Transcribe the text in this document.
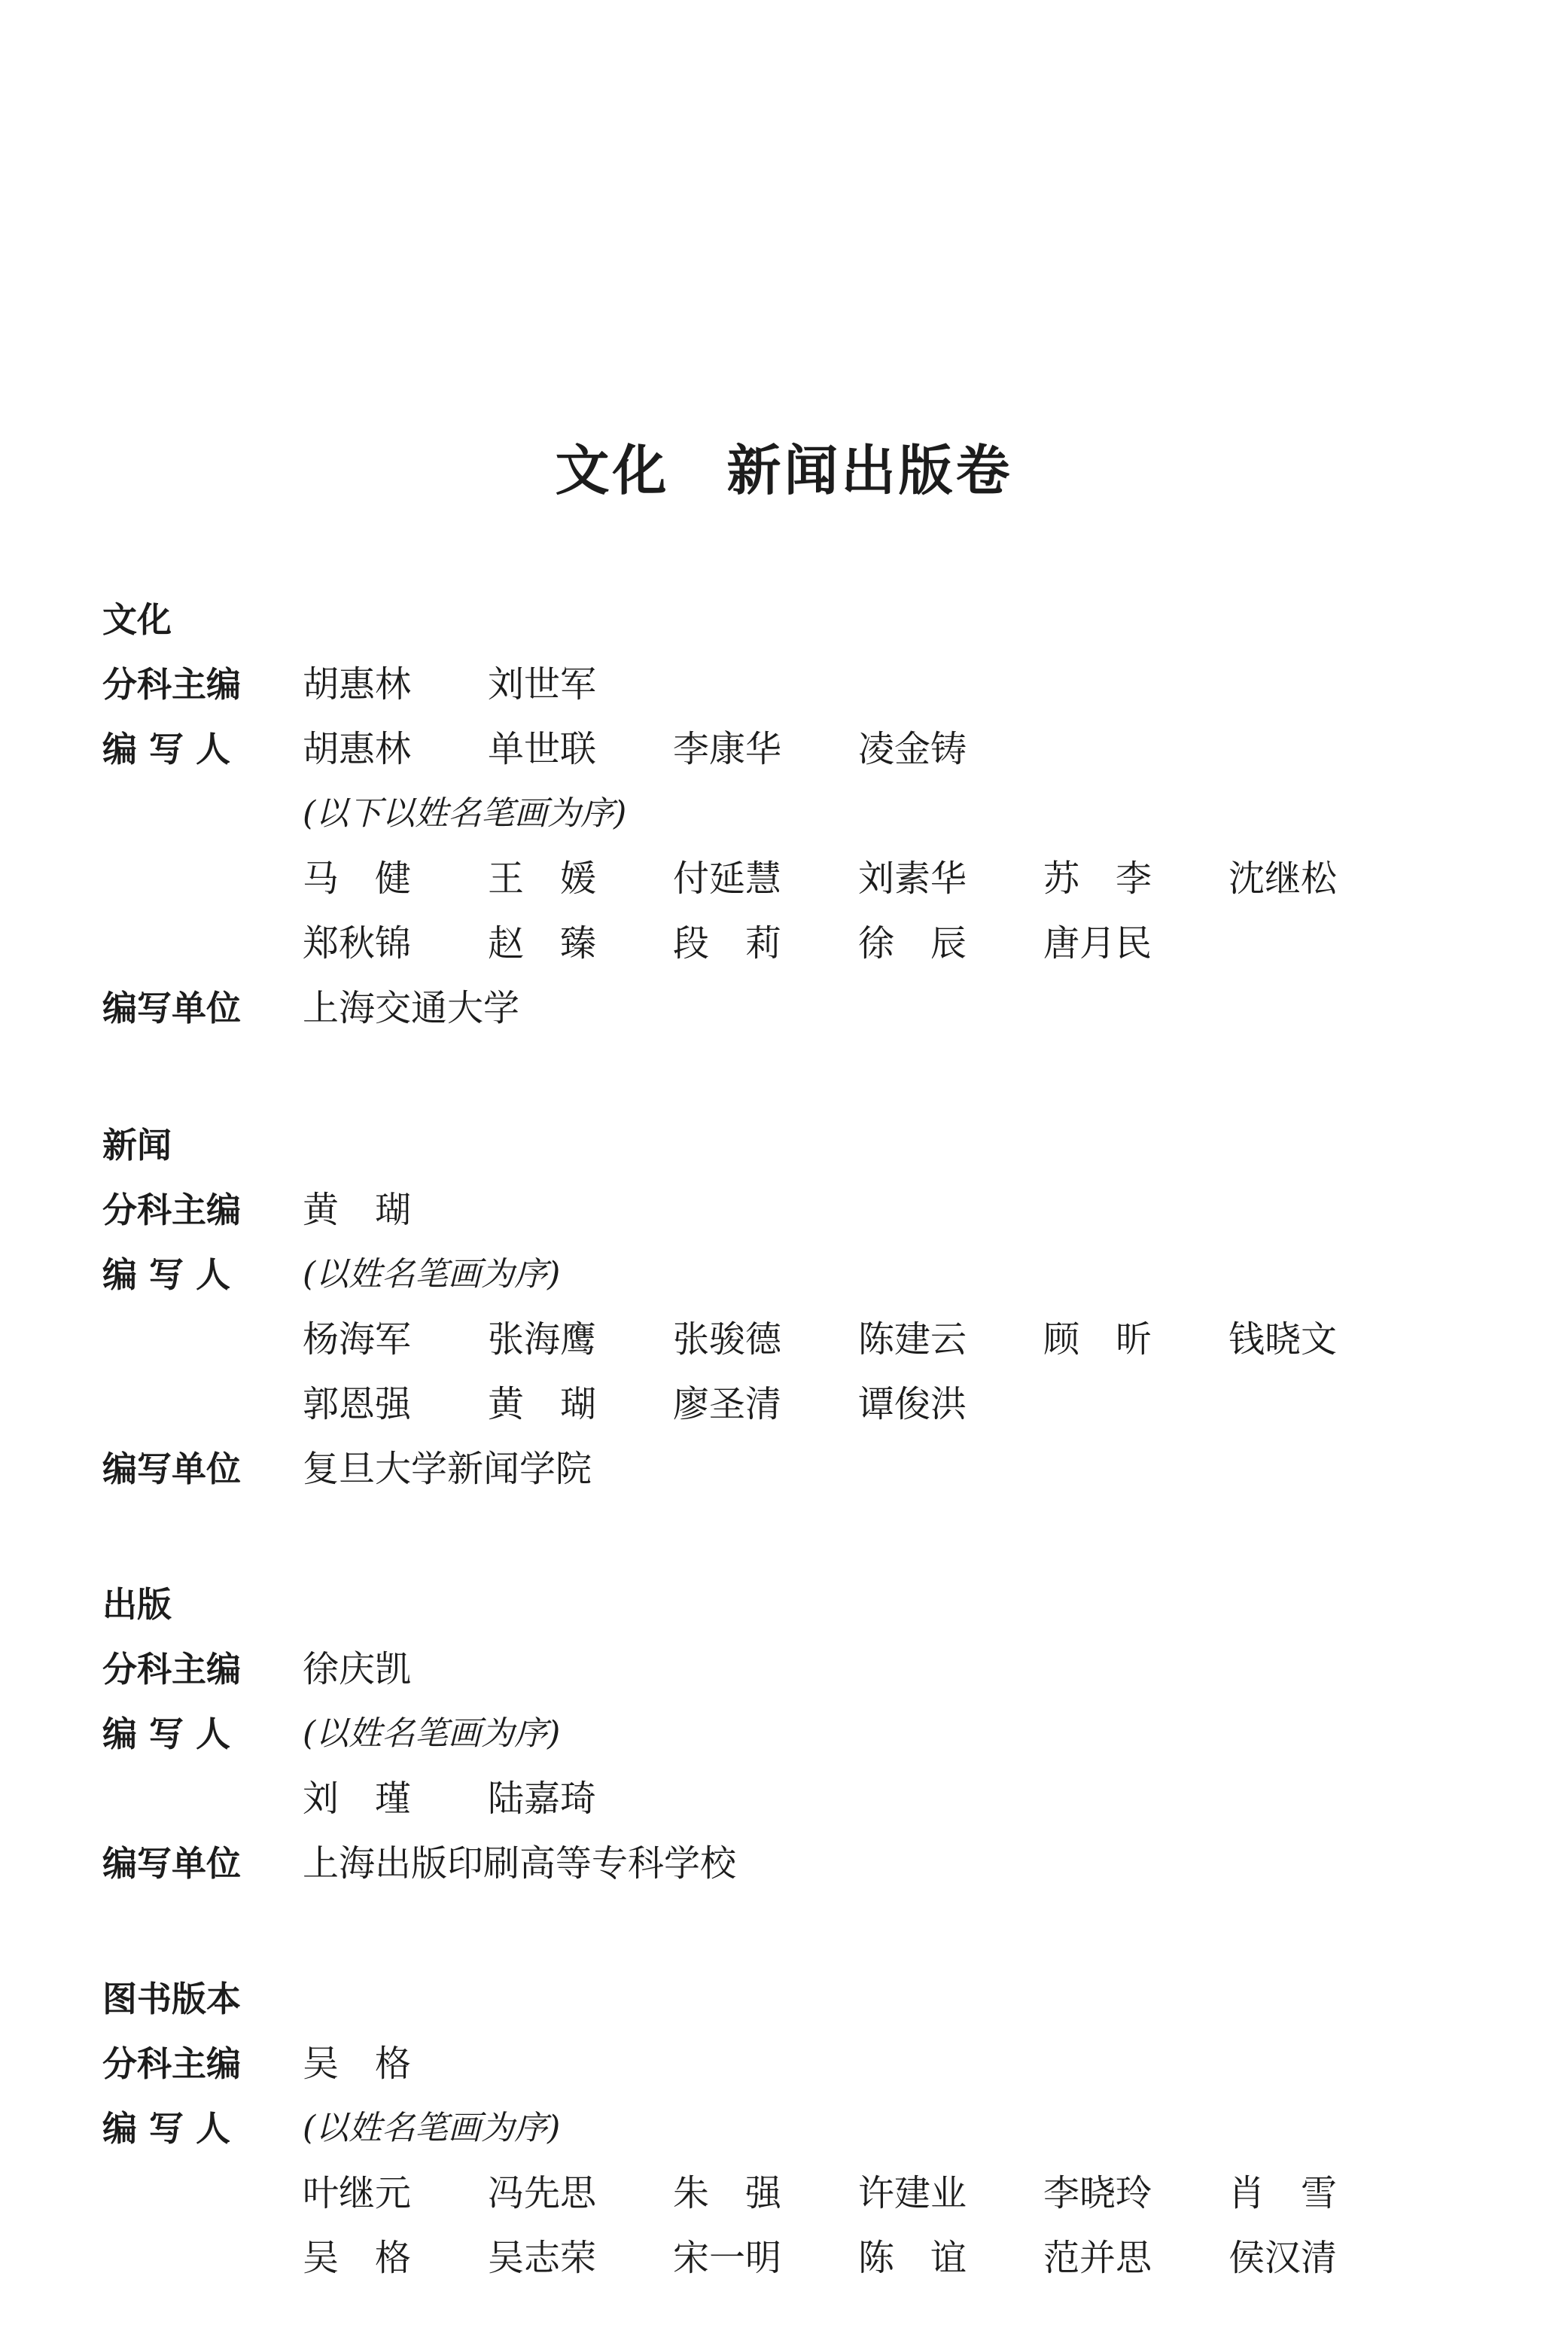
文化　新闻出版卷
文化
分科主编	胡惠林	刘世军
编 写 人	胡惠林	单世联	李康华	凌金铸
(以下以姓名笔画为序)
马　健	王　媛	付延慧	刘素华	苏　李	沈继松
郑秋锦	赵　臻	段　莉	徐　辰	唐月民
编写单位	上海交通大学
新闻
分科主编	黄　瑚
编 写 人	(以姓名笔画为序)
杨海军	张海鹰	张骏德	陈建云	顾　昕	钱晓文
郭恩强	黄　瑚	廖圣清	谭俊洪
编写单位	复旦大学新闻学院
出版
分科主编	徐庆凯
编 写 人	(以姓名笔画为序)
刘　瑾	陆嘉琦
编写单位	上海出版印刷高等专科学校
图书版本
分科主编	吴　格
编 写 人	(以姓名笔画为序)
叶继元	冯先思	朱　强	许建业	李晓玲	肖　雪
吴　格	吴志荣	宋一明	陈　谊	范并思	侯汉清
